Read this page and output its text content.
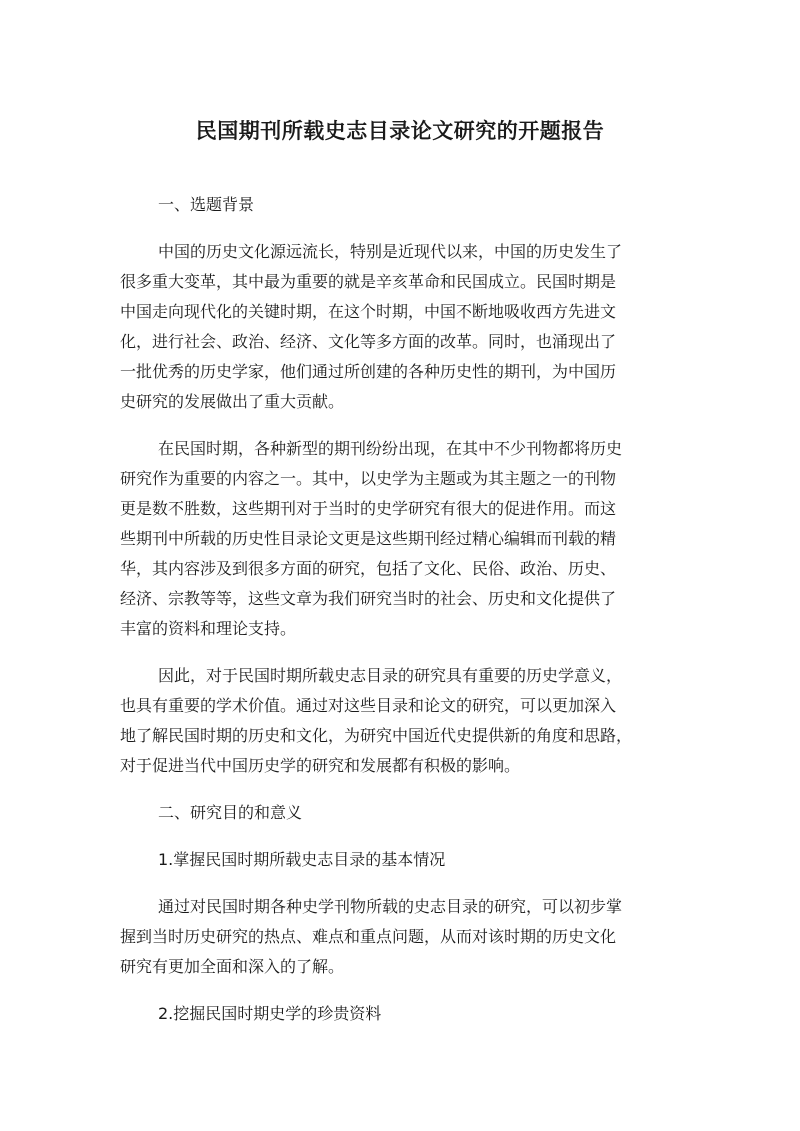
民国期刊所载史志目录论文研究的开题报告

一、选题背景

中国的历史文化源远流长，特别是近现代以来，中国的历史发生了
很多重大变革，其中最为重要的就是辛亥革命和民国成立。民国时期是
中国走向现代化的关键时期，在这个时期，中国不断地吸收西方先进文
化，进行社会、政治、经济、文化等多方面的改革。同时，也涌现出了
一批优秀的历史学家，他们通过所创建的各种历史性的期刊，为中国历
史研究的发展做出了重大贡献。

在民国时期，各种新型的期刊纷纷出现，在其中不少刊物都将历史
研究作为重要的内容之一。其中，以史学为主题或为其主题之一的刊物
更是数不胜数，这些期刊对于当时的史学研究有很大的促进作用。而这
些期刊中所载的历史性目录论文更是这些期刊经过精心编辑而刊载的精
华，其内容涉及到很多方面的研究，包括了文化、民俗、政治、历史、
经济、宗教等等，这些文章为我们研究当时的社会、历史和文化提供了
丰富的资料和理论支持。

因此，对于民国时期所载史志目录的研究具有重要的历史学意义，
也具有重要的学术价值。通过对这些目录和论文的研究，可以更加深入
地了解民国时期的历史和文化，为研究中国近代史提供新的角度和思路，
对于促进当代中国历史学的研究和发展都有积极的影响。

二、研究目的和意义

1.掌握民国时期所载史志目录的基本情况

通过对民国时期各种史学刊物所载的史志目录的研究，可以初步掌
握到当时历史研究的热点、难点和重点问题，从而对该时期的历史文化
研究有更加全面和深入的了解。

2.挖掘民国时期史学的珍贵资料
